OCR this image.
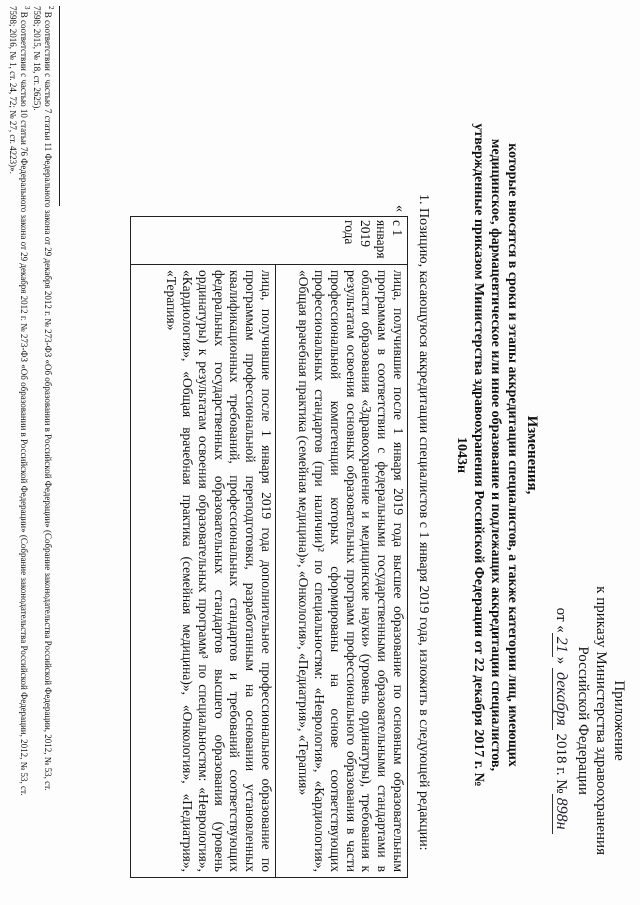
Приложение
к приказу Министерства здравоохранения
Российской Федерации
от «21» декабря 2018 г. №898н
Изменения,
которые вносятся в сроки и этапы аккредитации специалистов, а также категории лиц, имеющих медицинское, фармацевтическое или иное образование и подлежащих аккредитации специалистов, утвержденные приказом Министерства здравоохранения Российской Федерации от 22 декабря 2017 г. № 1043н
1. Позицию, касающуюся аккредитации специалистов с 1 января 2019 года, изложить в следующей редакции:
«
с 1 января 2019 года
лица, получившие после 1 января 2019 года высшее образование по основным образовательным программам в соответствии с федеральными государственными образовательными стандартами в области образования «Здравоохранение и медицинские науки» (уровень ординатуры), требования к результатам освоения основных образовательных программ профессионального образования в части профессиональной компетенции которых сформированы на основе соответствующих профессиональных стандартов (при наличии)² по специальностям: «Неврология», «Кардиология», «Общая врачебная практика (семейная медицина)», «Онкология», «Педиатрия», «Терапия»
лица, получившие после 1 января 2019 года дополнительное профессиональное образование по программам профессиональной переподготовки, разработанным на основании установленных квалификационных требований, профессиональных стандартов и требований соответствующих федеральных государственных образовательных стандартов высшего образования (уровень ординатуры) к результатам освоения образовательных программ³ по специальностям: «Неврология», «Кардиология», «Общая врачебная практика (семейная медицина)», «Онкология», «Педиатрия», «Терапия»
$^2$ В соответствии с частью 7 статьи 11 Федерального закона от 29 декабря 2012 г. № 273-ФЗ «Об образовании в Российской Федерации» (Собрание законодательства Российской Федерации, 2012, № 53, ст. 7598; 2015, № 18, ст. 2625).
$^3$ В соответствии с частью 10 статьи 76 Федерального закона от 29 декабря 2012 г. № 273-ФЗ «Об образовании в Российской Федерации» (Собрание законодательства Российской Федерации, 2012, № 53, ст. 7598; 2016, № 1, ст. 24, 72; № 27, ст. 4223)».
